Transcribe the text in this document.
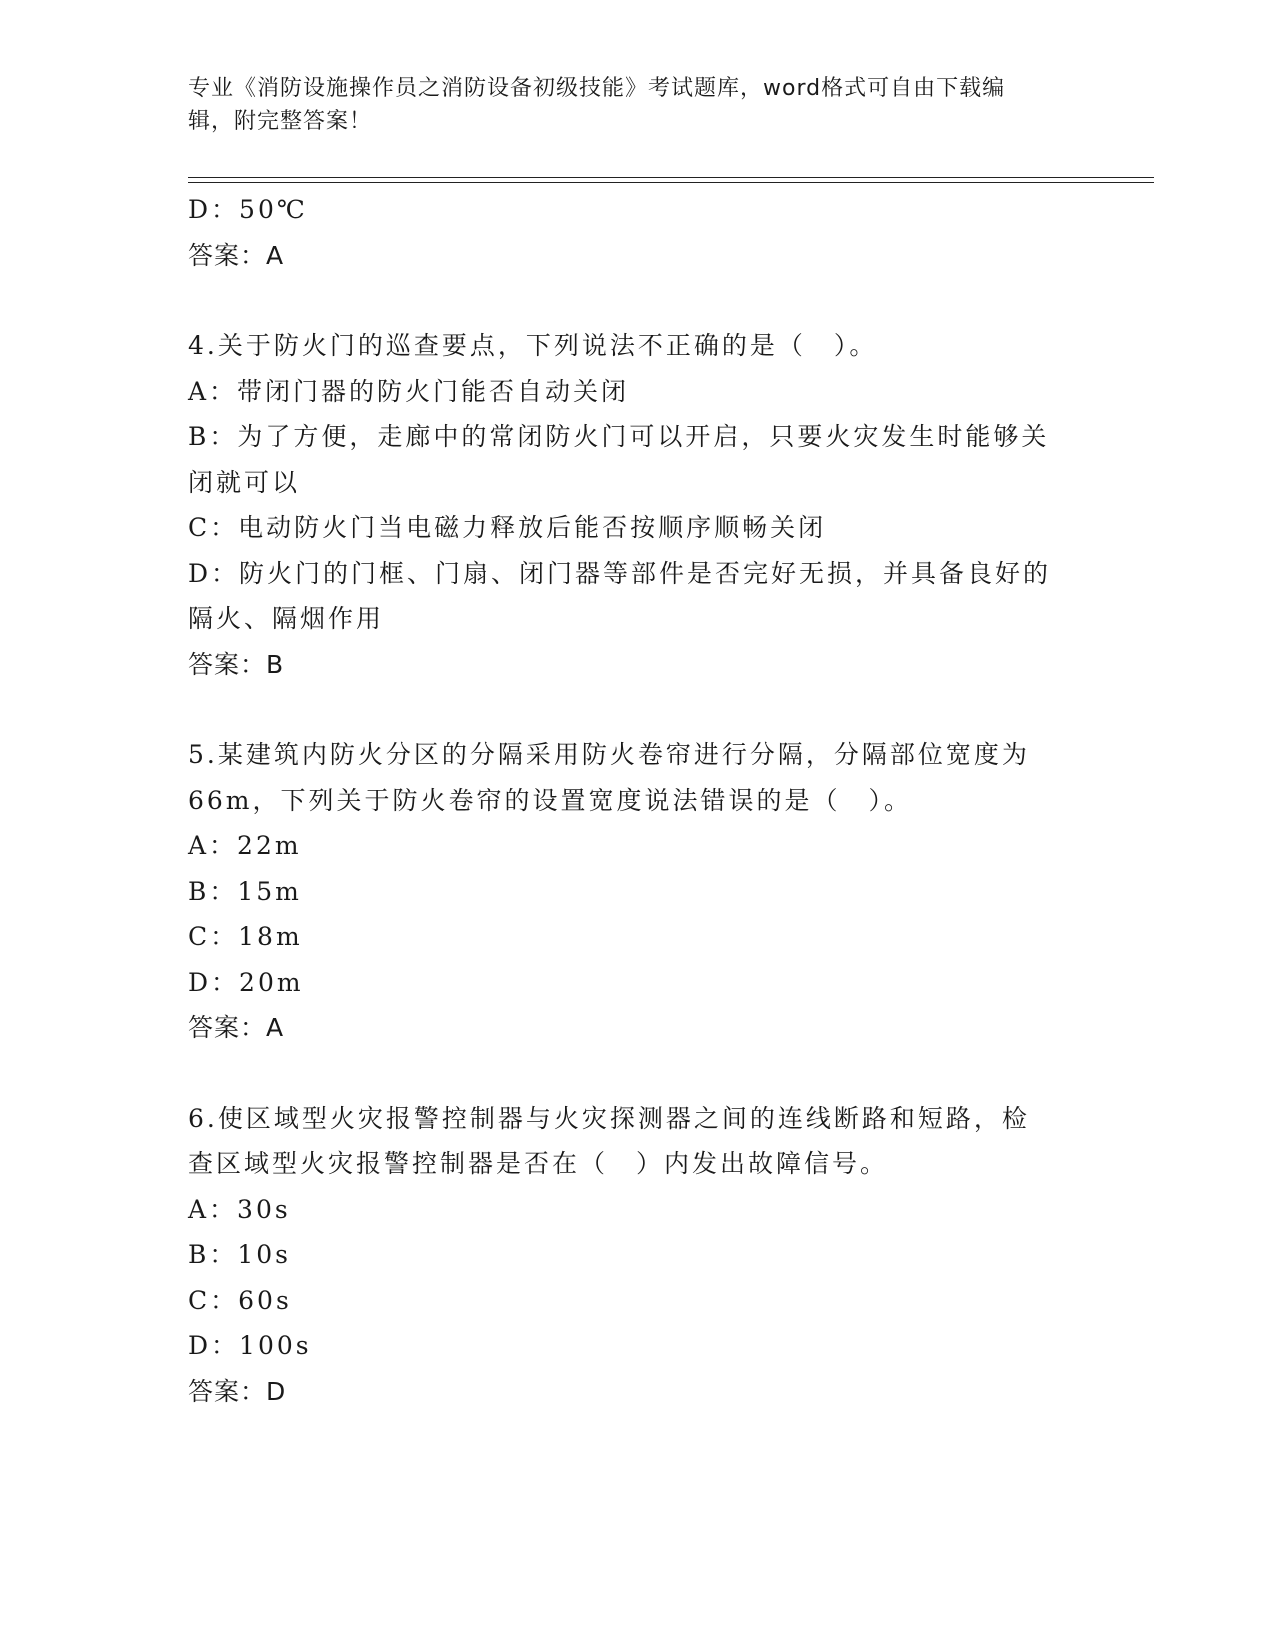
专业《消防设施操作员之消防设备初级技能》考试题库，word格式可自由下载编
辑，附完整答案！
D：50℃
答案：A
4.关于防火门的巡查要点，下列说法不正确的是（　）。
A：带闭门器的防火门能否自动关闭
B：为了方便，走廊中的常闭防火门可以开启，只要火灾发生时能够关
闭就可以
C：电动防火门当电磁力释放后能否按顺序顺畅关闭
D：防火门的门框、门扇、闭门器等部件是否完好无损，并具备良好的
隔火、隔烟作用
答案：B
5.某建筑内防火分区的分隔采用防火卷帘进行分隔，分隔部位宽度为
66m，下列关于防火卷帘的设置宽度说法错误的是（　）。
A：22m
B：15m
C：18m
D：20m
答案：A
6.使区域型火灾报警控制器与火灾探测器之间的连线断路和短路，检
查区域型火灾报警控制器是否在（　）内发出故障信号。
A：30s
B：10s
C：60s
D：100s
答案：D
